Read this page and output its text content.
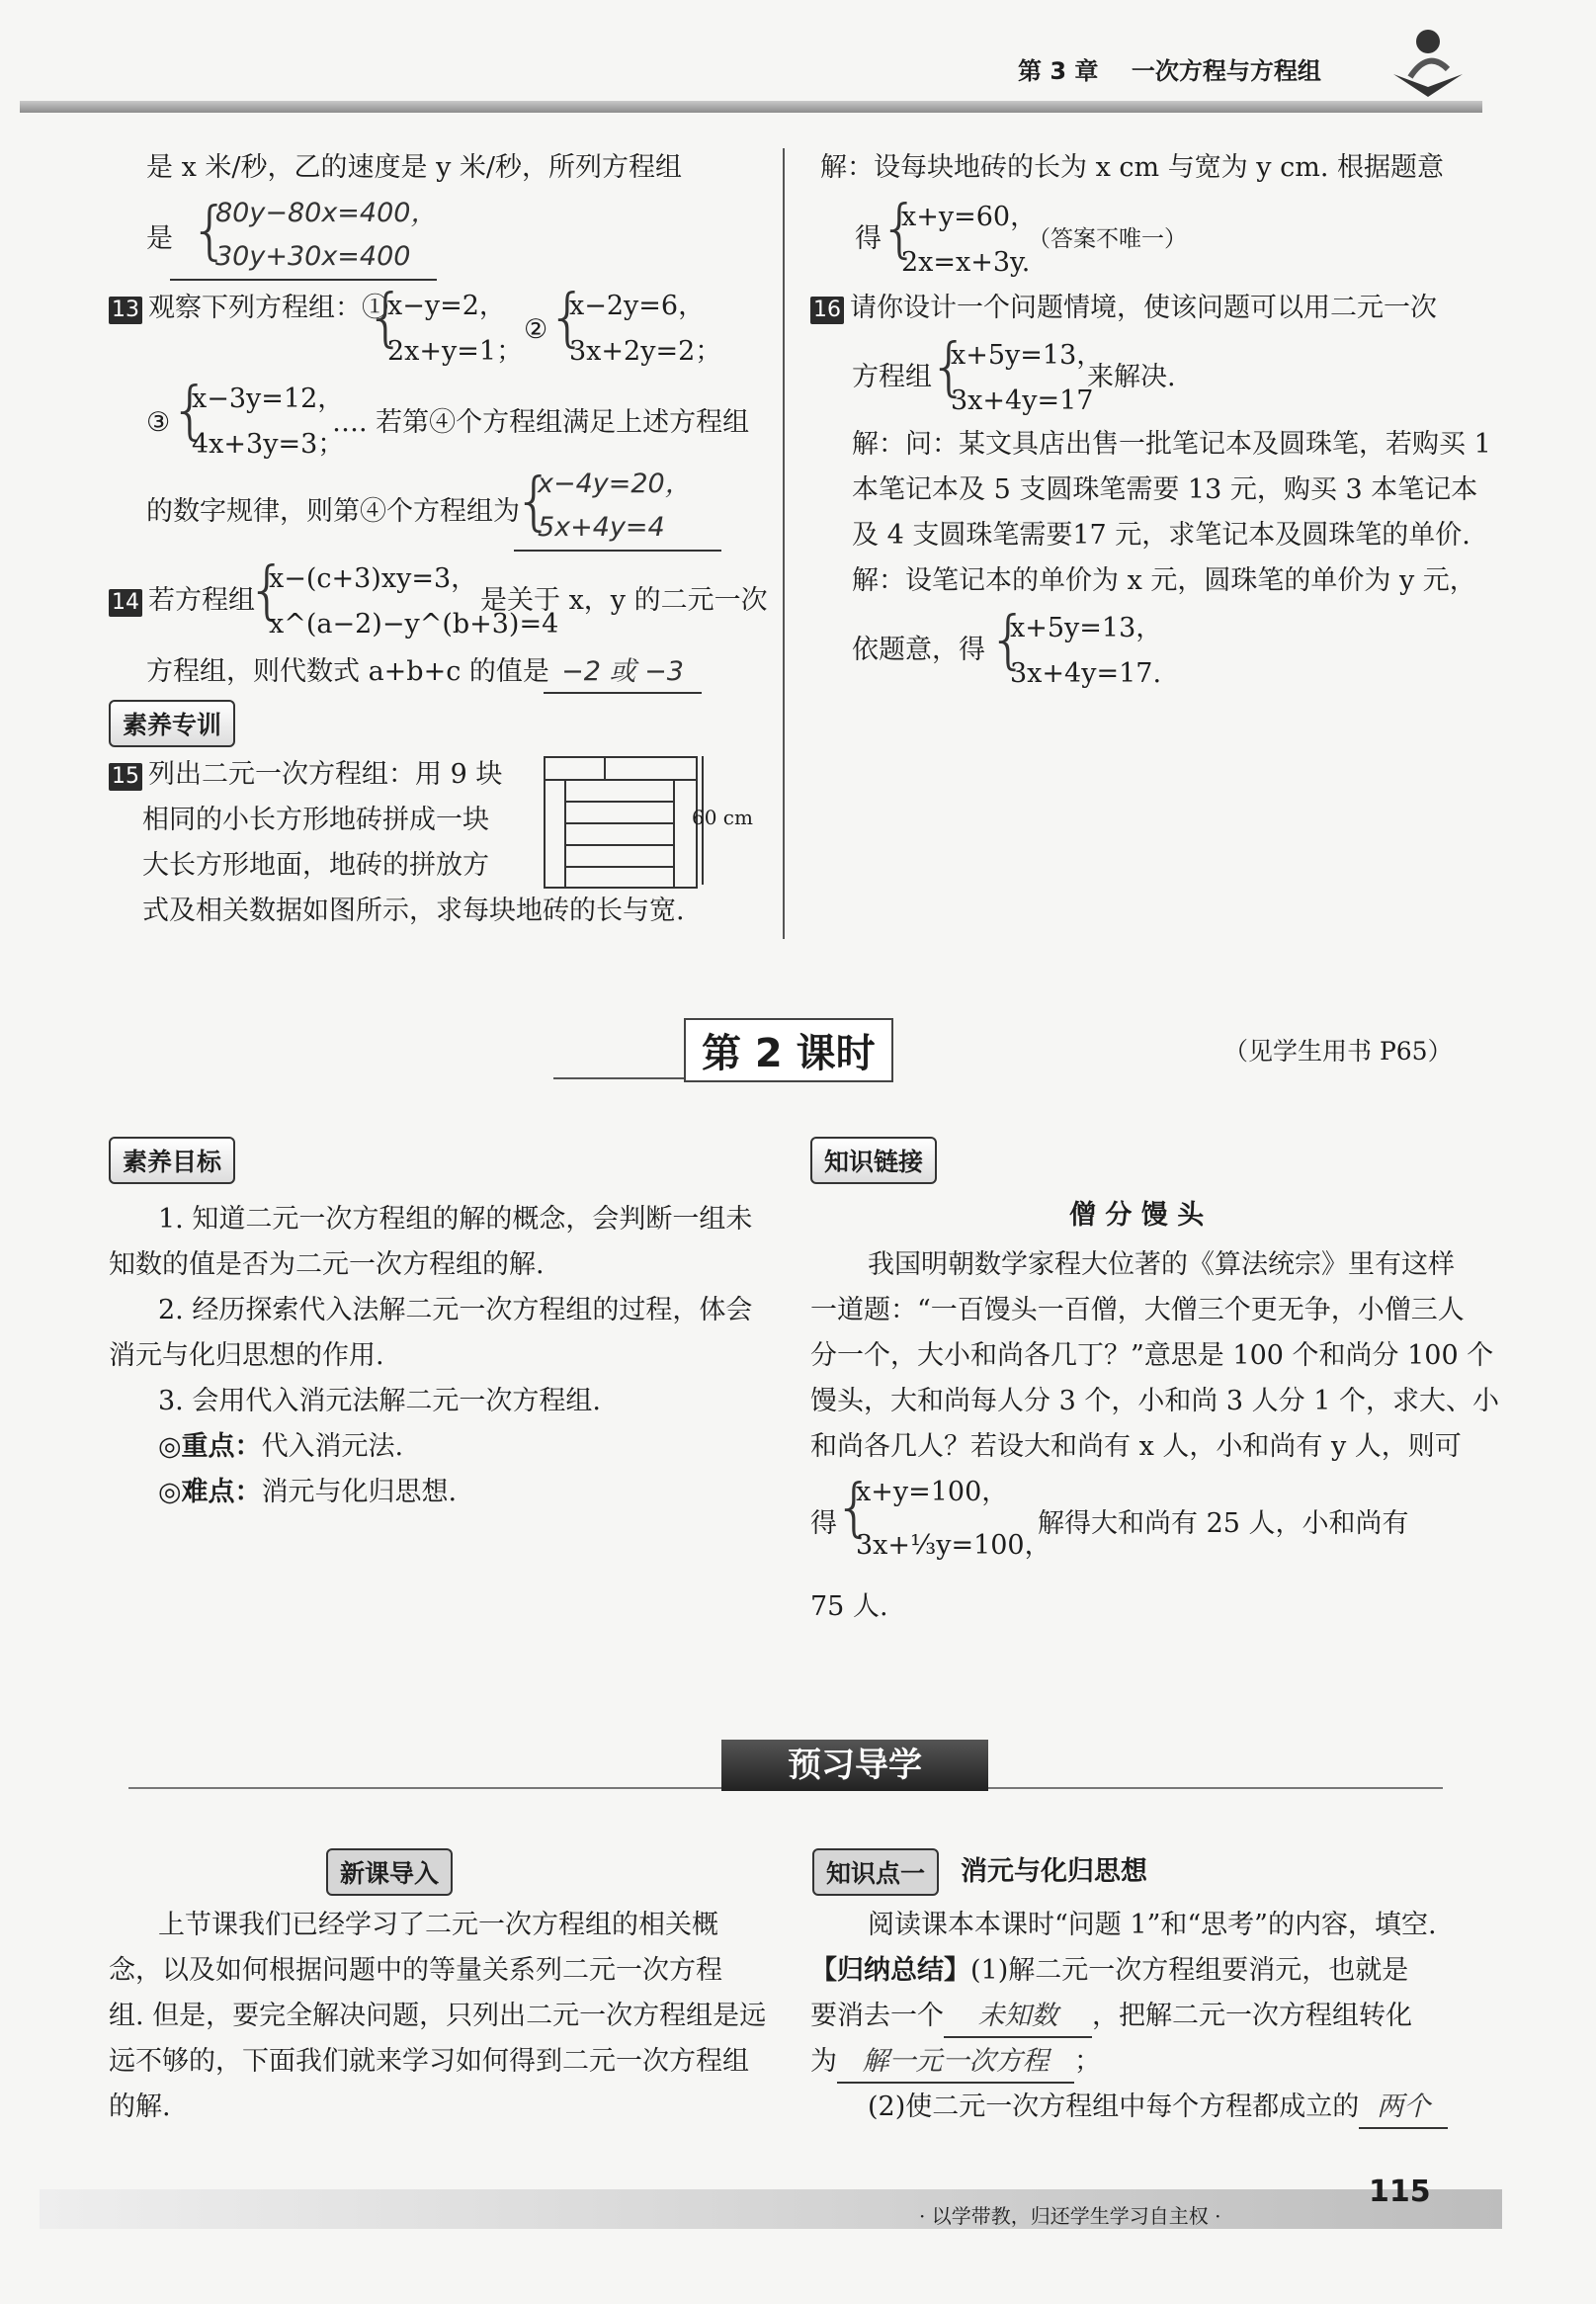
第 3 章 一次方程与方程组
是 x 米/秒，乙的速度是 y 米/秒，所列方程组
是 {
80y−80x=400，
30y+30x=400
13 观察下列方程组：①
{
x−y=2，
2x+y=1；
② {
x−2y=6，
3x+2y=2；
③ {
x−3y=12，
4x+3y=3；
…. 若第④个方程组满足上述方程组
的数字规律，则第④个方程组为
{
x−4y=20，
5x+4y=4
14 若方程组
{
x−(c+3)xy=3，
x^(a−2)−y^(b+3)=4
是关于 x，y 的二元一次
方程组，则代数式 a+b+c 的值是 −2 或 −3
素养专训
15 列出二元一次方程组：用 9 块
相同的小长方形地砖拼成一块
大长方形地面，地砖的拼放方
式及相关数据如图所示，求每块地砖的长与宽.
60 cm
解：设每块地砖的长为 x cm 与宽为 y cm. 根据题意
得
{
x+y=60，
2x=x+3y.
（答案不唯一）
16 请你设计一个问题情境，使该问题可以用二元一次
方程组
{
x+5y=13，
3x+4y=17
来解决.
解：问：某文具店出售一批笔记本及圆珠笔，若购买 1
本笔记本及 5 支圆珠笔需要 13 元，购买 3 本笔记本
及 4 支圆珠笔需要17 元，求笔记本及圆珠笔的单价.
解：设笔记本的单价为 x 元，圆珠笔的单价为 y 元，
依题意，得 {
x+5y=13，
3x+4y=17.
第 2 课时	（见学生用书 P65）
素养目标
1. 知道二元一次方程组的解的概念，会判断一组未
知数的值是否为二元一次方程组的解.
2. 经历探索代入法解二元一次方程组的过程，体会
消元与化归思想的作用.
3. 会用代入消元法解二元一次方程组.
◎重点：代入消元法.
◎难点：消元与化归思想.
知识链接
僧 分 馒 头
我国明朝数学家程大位著的《算法统宗》里有这样
一道题：“一百馒头一百僧，大僧三个更无争，小僧三人
分一个，大小和尚各几丁？”意思是 100 个和尚分 100 个
馒头，大和尚每人分 3 个，小和尚 3 人分 1 个，求大、小
和尚各几人？若设大和尚有 x 人，小和尚有 y 人，则可
得
{
x+y=100，
3x+⅓y=100，
解得大和尚有 25 人，小和尚有
75 人.
预习导学
新课导入
上节课我们已经学习了二元一次方程组的相关概
念，以及如何根据问题中的等量关系列二元一次方程
组. 但是，要完全解决问题，只列出二元一次方程组是远
远不够的，下面我们就来学习如何得到二元一次方程组
的解.
知识点一	消元与化归思想
阅读课本本课时“问题 1”和“思考”的内容，填空.
【归纳总结】(1)解二元一次方程组要消元，也就是
要消去一个 未知数 ，把解二元一次方程组转化
为 解一元一次方程 ；
(2)使二元一次方程组中每个方程都成立的 两个
· 以学带教，归还学生学习自主权 ·
115
